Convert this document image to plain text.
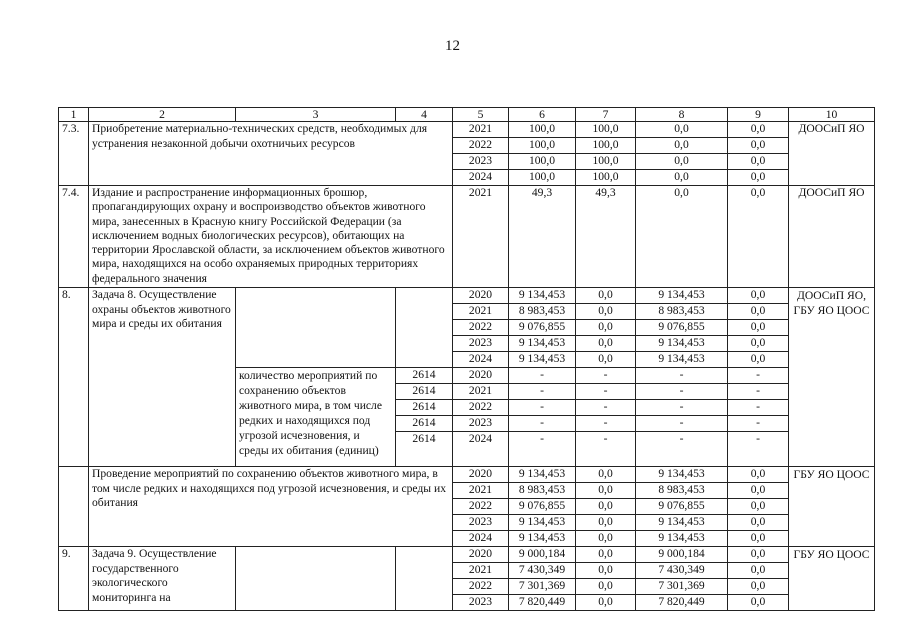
12
1	2	3	4	5	6	7	8	9	10
7.3.	Приобретение материально-технических средств, необходимых для устранения незаконной добычи охотничьих ресурсов			2021	100,0	100,0	0,0	0,0	ДООСиП ЯО
				2022	100,0	100,0	0,0	0,0	
				2023	100,0	100,0	0,0	0,0	
				2024	100,0	100,0	0,0	0,0	
7.4.	Издание и распространение информационных брошюр, пропагандирующих охрану и воспроизводство объектов животного мира, занесенных в Красную книгу Российской Федерации (за исключением водных биологических ресурсов), обитающих на территории Ярославской области, за исключением объектов животного мира, находящихся на особо охраняемых природных территориях федерального значения			2021	49,3	49,3	0,0	0,0	ДООСиП ЯО
8.	Задача 8. Осуществление охраны объектов животного мира и среды их обитания			2020	9 134,453	0,0	9 134,453	0,0	ДООСиП ЯО, ГБУ ЯО ЦООС
				2021	8 983,453	0,0	8 983,453	0,0	
				2022	9 076,855	0,0	9 076,855	0,0	
				2023	9 134,453	0,0	9 134,453	0,0	
				2024	9 134,453	0,0	9 134,453	0,0	
		количество мероприятий по сохранению объектов животного мира, в том числе редких и находящихся под угрозой исчезновения, и среды их обитания (единиц)	2614	2020	-	-	-	-	
			2614	2021	-	-	-	-	
			2614	2022	-	-	-	-	
			2614	2023	-	-	-	-	
			2614	2024	-	-	-	-	
	Проведение мероприятий по сохранению объектов животного мира, в том числе редких и находящихся под угрозой исчезновения, и среды их обитания			2020	9 134,453	0,0	9 134,453	0,0	ГБУ ЯО ЦООС
				2021	8 983,453	0,0	8 983,453	0,0	
				2022	9 076,855	0,0	9 076,855	0,0	
				2023	9 134,453	0,0	9 134,453	0,0	
				2024	9 134,453	0,0	9 134,453	0,0	
9.	Задача 9. Осуществление государственного экологического мониторинга на			2020	9 000,184	0,0	9 000,184	0,0	ГБУ ЯО ЦООС
				2021	7 430,349	0,0	7 430,349	0,0	
				2022	7 301,369	0,0	7 301,369	0,0	
				2023	7 820,449	0,0	7 820,449	0,0	
